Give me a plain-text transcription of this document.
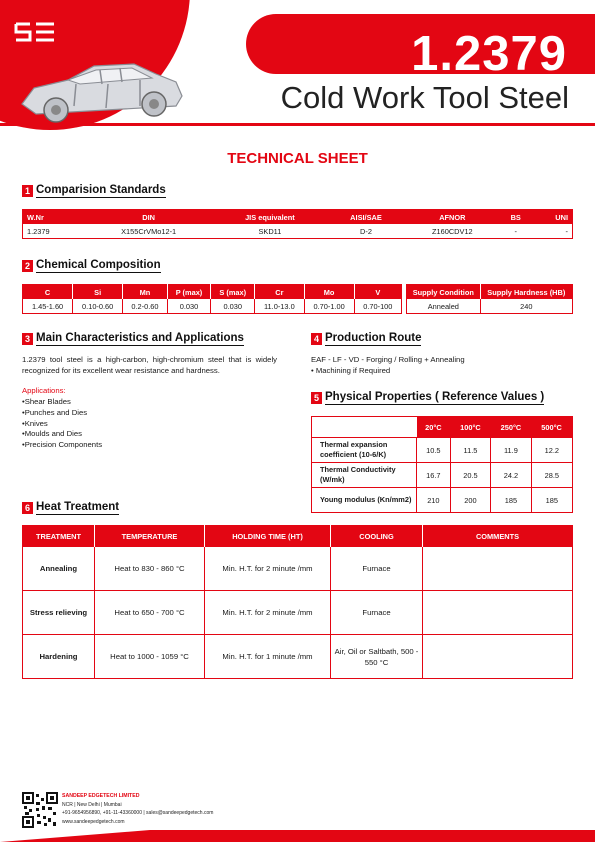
1.2379
Cold Work Tool Steel
TECHNICAL SHEET
1 Comparision Standards
W.Nr	DIN	JIS equivalent	AISI/SAE	AFNOR	BS	UNI
1.2379	X155CrVMo12-1	SKD11	D-2	Z160CDV12	-	-
2 Chemical Composition
C	Si	Mn	P (max)	S (max)	Cr	Mo	V
1.45-1.60	0.10-0.60	0.2-0.60	0.030	0.030	11.0-13.0	0.70-1.00	0.70-100
Supply Condition	Supply Hardness (HB)
Annealed	240
3 Main Characteristics and Applications
1.2379 tool steel is a high-carbon, high-chromium steel that is widely recognized for its excellent wear resistance and hardness.
Applications:
• Shear Blades
• Punches and Dies
• Knives
• Moulds and Dies
• Precision Components
4 Production Route
EAF - LF - VD - Forging / Rolling + Annealing
• Machining if Required
5 Physical Properties ( Reference Values )
	20°C	100°C	250°C	500°C
Thermal expansion coefficient (10-6/K)	10.5	11.5	11.9	12.2
Thermal Conductivity (W/mk)	16.7	20.5	24.2	28.5
Young modulus (Kn/mm2)	210	200	185	185
6 Heat Treatment
TREATMENT	TEMPERATURE	HOLDING TIME (HT)	COOLING	COMMENTS
Annealing	Heat to 830 - 860 °C	Min. H.T. for 2 minute /mm	Furnace	
Stress relieving	Heat to 650 - 700 °C	Min. H.T. for 2 minute /mm	Furnace	
Hardening	Heat to 1000 - 1059 °C	Min. H.T. for 1 minute /mm	Air, Oil or Saltbath, 500 - 550 °C	
SANDEEP EDGETECH LIMITED
NCR | New Delhi | Mumbai
+91-9654956890, +91-11-43360000 | sales@sandeepedgetech.com
www.sandeepedgetech.com
